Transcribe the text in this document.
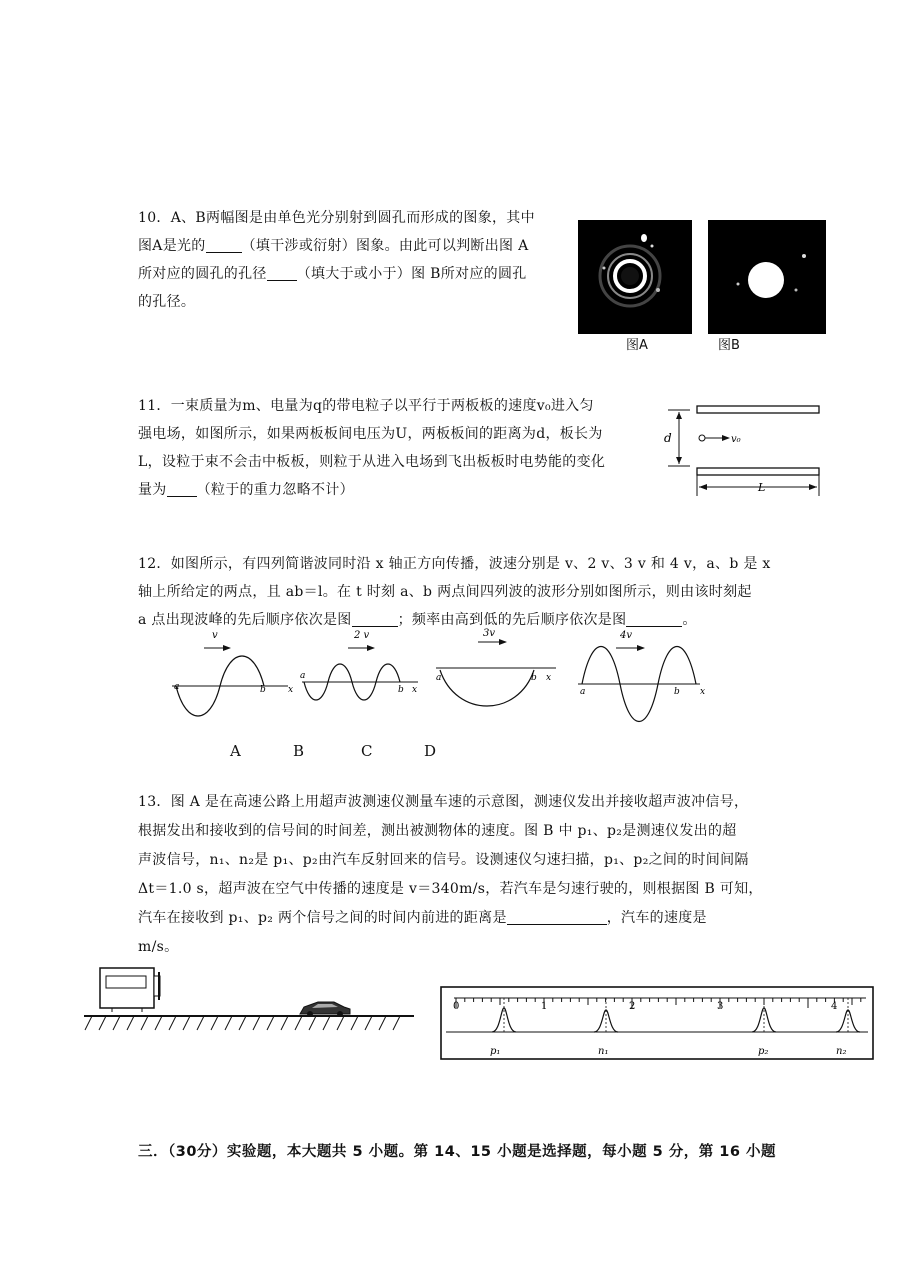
10．A、B两幅图是由单色光分别射到圆孔而形成的图象，其中
图A是光的	（填干涉或衍射）图象。由此可以判断出图 A
所对应的圆孔的孔径 （填大于或小于）图 B所对应的圆孔
的孔径。
图A	图B
11．一束质量为m、电量为q的带电粒子以平行于两板板的速度v₀进入匀
强电场，如图所示，如果两板板间电压为U，两板板间的距离为d，板长为
L，设粒于束不会击中板板，则粒于从进入电场到飞出板板时电势能的变化
量为 （粒于的重力忽略不计）
d	v₀
L
12．如图所示，有四列简谐波同时沿 x 轴正方向传播，波速分别是 v、2 v、3 v 和 4 v，a、b 是 x
轴上所给定的两点，且 ab＝l。在 t 时刻 a、b 两点间四列波的波形分别如图所示，则由该时刻起
a 点出现波峰的先后顺序依次是图	；频率由高到低的先后顺序依次是图	。
v
a	b x
2 v
a
b x
3v
a	b x
4v
a	b x
A	B	C	D
13．图 A 是在高速公路上用超声波测速仪测量车速的示意图，测速仪发出并接收超声波冲信号，
根据发出和接收到的信号间的时间差，测出被测物体的速度。图 B 中 p₁、p₂是测速仪发出的超
声波信号，n₁、n₂是 p₁、p₂由汽车反射回来的信号。设测速仪匀速扫描，p₁、p₂之间的时间间隔
Δt＝1.0 s，超声波在空气中传播的速度是 v＝340m/s，若汽车是匀速行驶的，则根据图 B 可知，
汽车在接收到 p₁、p₂ 两个信号之间的时间内前进的距离是	，汽车的速度是
m/s。
0	1	2	3	4
p₁	n₁	p₂	n₂
三．（30分）实验题，本大题共 5 小题。第 14、15 小题是选择题，每小题 5 分，第 16 小题
